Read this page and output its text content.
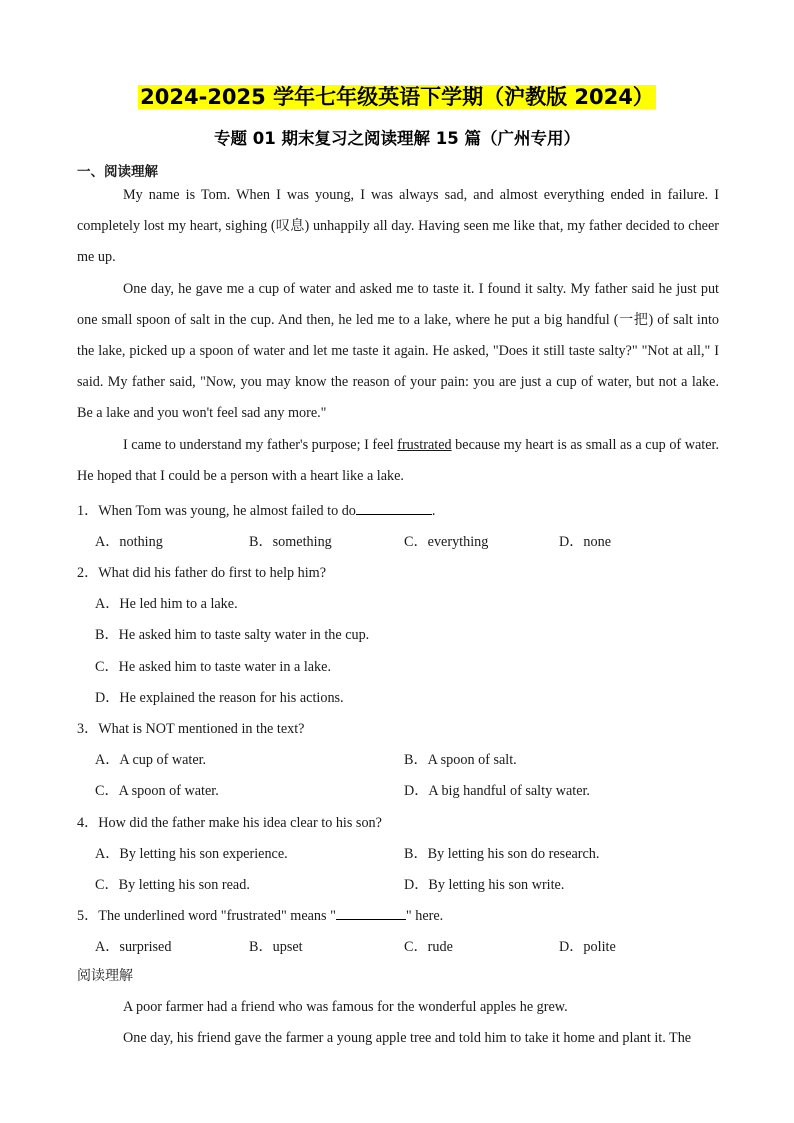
2024-2025 学年七年级英语下学期（沪教版 2024）
专题 01 期末复习之阅读理解 15 篇（广州专用）
一、阅读理解

My name is Tom. When I was young, I was always sad, and almost everything ended in failure. I completely lost my heart, sighing (叹息) unhappily all day. Having seen me like that, my father decided to cheer me up.

One day, he gave me a cup of water and asked me to taste it. I found it salty. My father said he just put one small spoon of salt in the cup. And then, he led me to a lake, where he put a big handful (一把) of salt into the lake, picked up a spoon of water and let me taste it again. He asked, "Does it still taste salty?" "Not at all," I said. My father said, "Now, you may know the reason of your pain: you are just a cup of water, but not a lake. Be a lake and you won't feel sad any more."

I came to understand my father's purpose; I feel frustrated because my heart is as small as a cup of water. He hoped that I could be a person with a heart like a lake.

1．When Tom was young, he almost failed to do	.
A．nothing	B．something	C．everything	D．none
2．What did his father do first to help him?
A．He led him to a lake.
B．He asked him to taste salty water in the cup.
C．He asked him to taste water in a lake.
D．He explained the reason for his actions.
3．What is NOT mentioned in the text?
A．A cup of water.	B．A spoon of salt.
C．A spoon of water.	D．A big handful of salty water.
4．How did the father make his idea clear to his son?
A．By letting his son experience.	B．By letting his son do research.
C．By letting his son read.	D．By letting his son write.
5．The underlined word "frustrated" means "	" here.
A．surprised	B．upset	C．rude	D．polite
阅读理解

A poor farmer had a friend who was famous for the wonderful apples he grew.

One day, his friend gave the farmer a young apple tree and told him to take it home and plant it. The
